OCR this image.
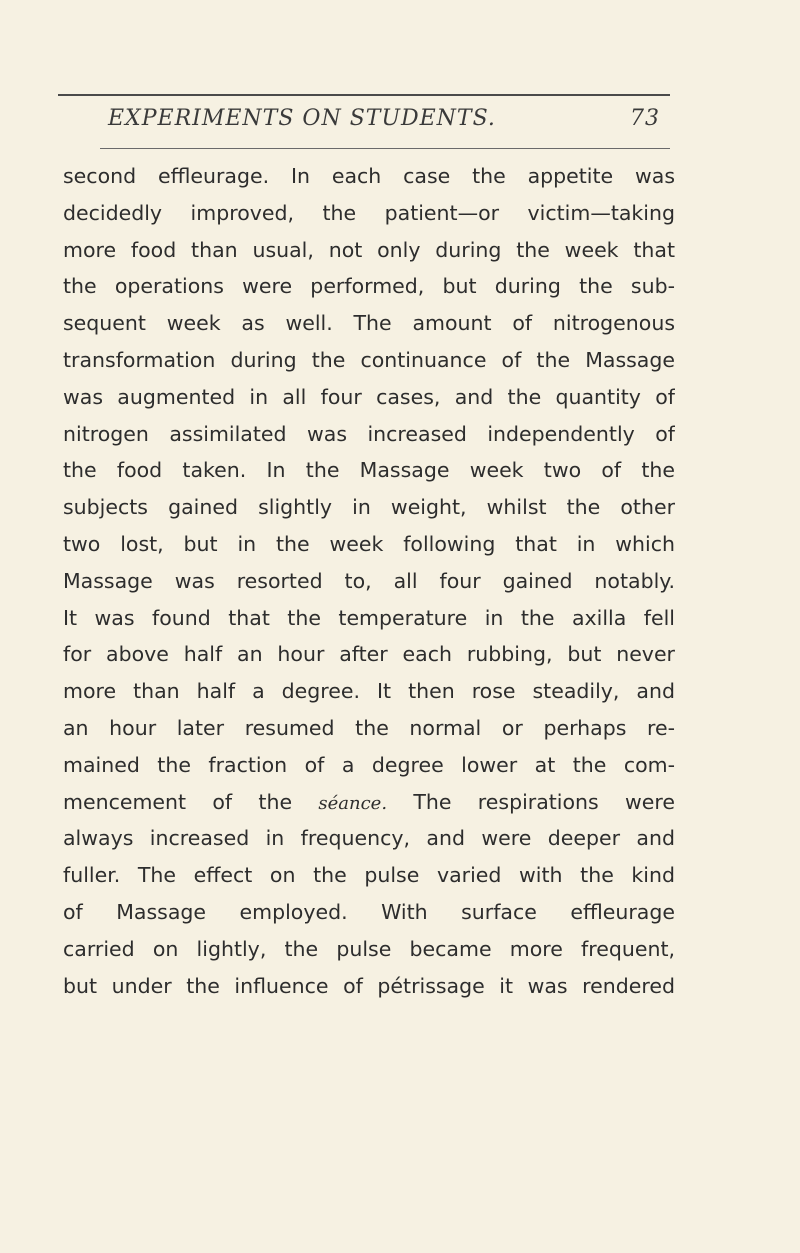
EXPERIMENTS ON STUDENTS.	73
second effleurage. In each case the appetite was
decidedly improved, the patient—or victim—taking
more food than usual, not only during the week that
the operations were performed, but during the sub-
sequent week as well. The amount of nitrogenous
transformation during the continuance of the Massage
was augmented in all four cases, and the quantity of
nitrogen assimilated was increased independently of
the food taken. In the Massage week two of the
subjects gained slightly in weight, whilst the other
two lost, but in the week following that in which
Massage was resorted to, all four gained notably.
It was found that the temperature in the axilla fell
for above half an hour after each rubbing, but never
more than half a degree. It then rose steadily, and
an hour later resumed the normal or perhaps re-
mained the fraction of a degree lower at the com-
mencement of the séance. The respirations were
always increased in frequency, and were deeper and
fuller. The effect on the pulse varied with the kind
of Massage employed. With surface effleurage
carried on lightly, the pulse became more frequent,
but under the influence of pétrissage it was rendered
